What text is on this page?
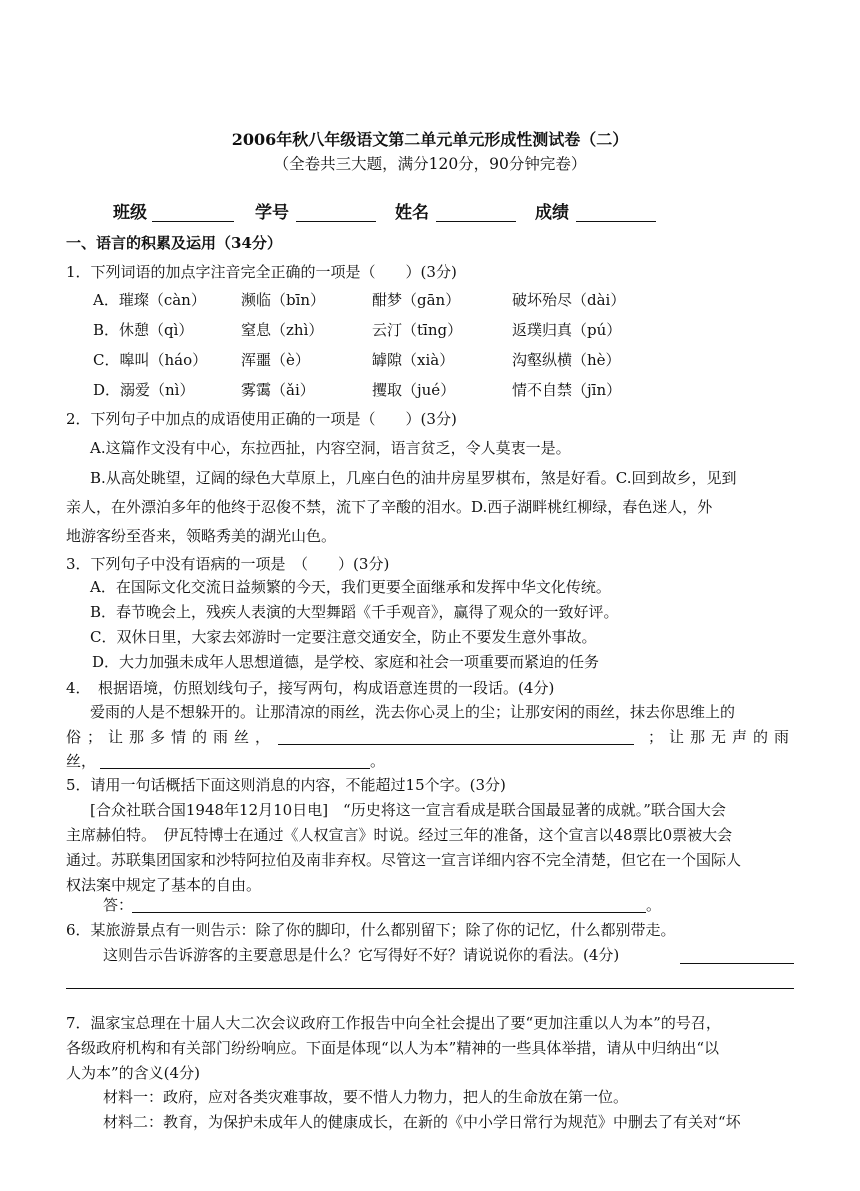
2006年秋八年级语文第二单元单元形成性测试卷（二）
（全卷共三大题，满分120分，90分钟完卷）
班级	学号	姓名	成绩
一、语言的积累及运用（34分）
1．下列词语的加点字注音完全正确的一项是（　　）(3分)
A．璀璨（càn） 濒临（bīn）	酣梦（gān）	破坏殆尽（dài）
B．休憩（qì）	窒息（zhì）	云汀（tīng）	返璞归真（pú）
C．嗥叫（háo） 浑噩（è）	罅隙（xià）	沟壑纵横（hè）
D．溺爱（nì）	雾霭（ǎi）	攫取（jué）	情不自禁（jīn）
2．下列句子中加点的成语使用正确的一项是（　　）(3分)
A.这篇作文没有中心，东拉西扯，内容空洞，语言贫乏，令人莫衷一是。
B.从高处眺望，辽阔的绿色大草原上，几座白色的油井房星罗棋布，煞是好看。C.回到故乡，见到
亲人，在外漂泊多年的他终于忍俊不禁，流下了辛酸的泪水。D.西子湖畔桃红柳绿，春色迷人，外
地游客纷至沓来，领略秀美的湖光山色。
3．下列句子中没有语病的一项是　（　　）(3分)
A．在国际文化交流日益频繁的今天，我们更要全面继承和发挥中华文化传统。
B．春节晚会上，残疾人表演的大型舞蹈《千手观音》，赢得了观众的一致好评。
C．双休日里，大家去郊游时一定要注意交通安全，防止不要发生意外事故。
D．大力加强未成年人思想道德，是学校、家庭和社会一项重要而紧迫的任务
4．　根据语境，仿照划线句子，接写两句，构成语意连贯的一段话。(4分)
爱雨的人是不想躲开的。让那清凉的雨丝，洗去你心灵上的尘；让那安闲的雨丝，抹去你思维上的
俗；让那多情的雨丝，	；让那无声的雨
丝，	。
5．请用一句话概括下面这则消息的内容，不能超过15个字。(3分)
[合众社联合国1948年12月10日电]　“历史将这一宣言看成是联合国最显著的成就。”联合国大会
主席赫伯特。　伊瓦特博士在通过《人权宣言》时说。经过三年的准备，这个宣言以48票比0票被大会
通过。苏联集团国家和沙特阿拉伯及南非弃权。尽管这一宣言详细内容不完全清楚，但它在一个国际人
权法案中规定了基本的自由。
答：	。
6．某旅游景点有一则告示：除了你的脚印，什么都别留下；除了你的记忆，什么都别带走。
这则告示告诉游客的主要意思是什么？它写得好不好？请说说你的看法。(4分)
7．温家宝总理在十届人大二次会议政府工作报告中向全社会提出了要“更加注重以人为本”的号召，
各级政府机构和有关部门纷纷响应。下面是体现“以人为本”精神的一些具体举措，请从中归纳出“以
人为本”的含义(4分)
材料一：政府，应对各类灾难事故，要不惜人力物力，把人的生命放在第一位。
材料二：教育，为保护未成年人的健康成长，在新的《中小学日常行为规范》中删去了有关对“坏
